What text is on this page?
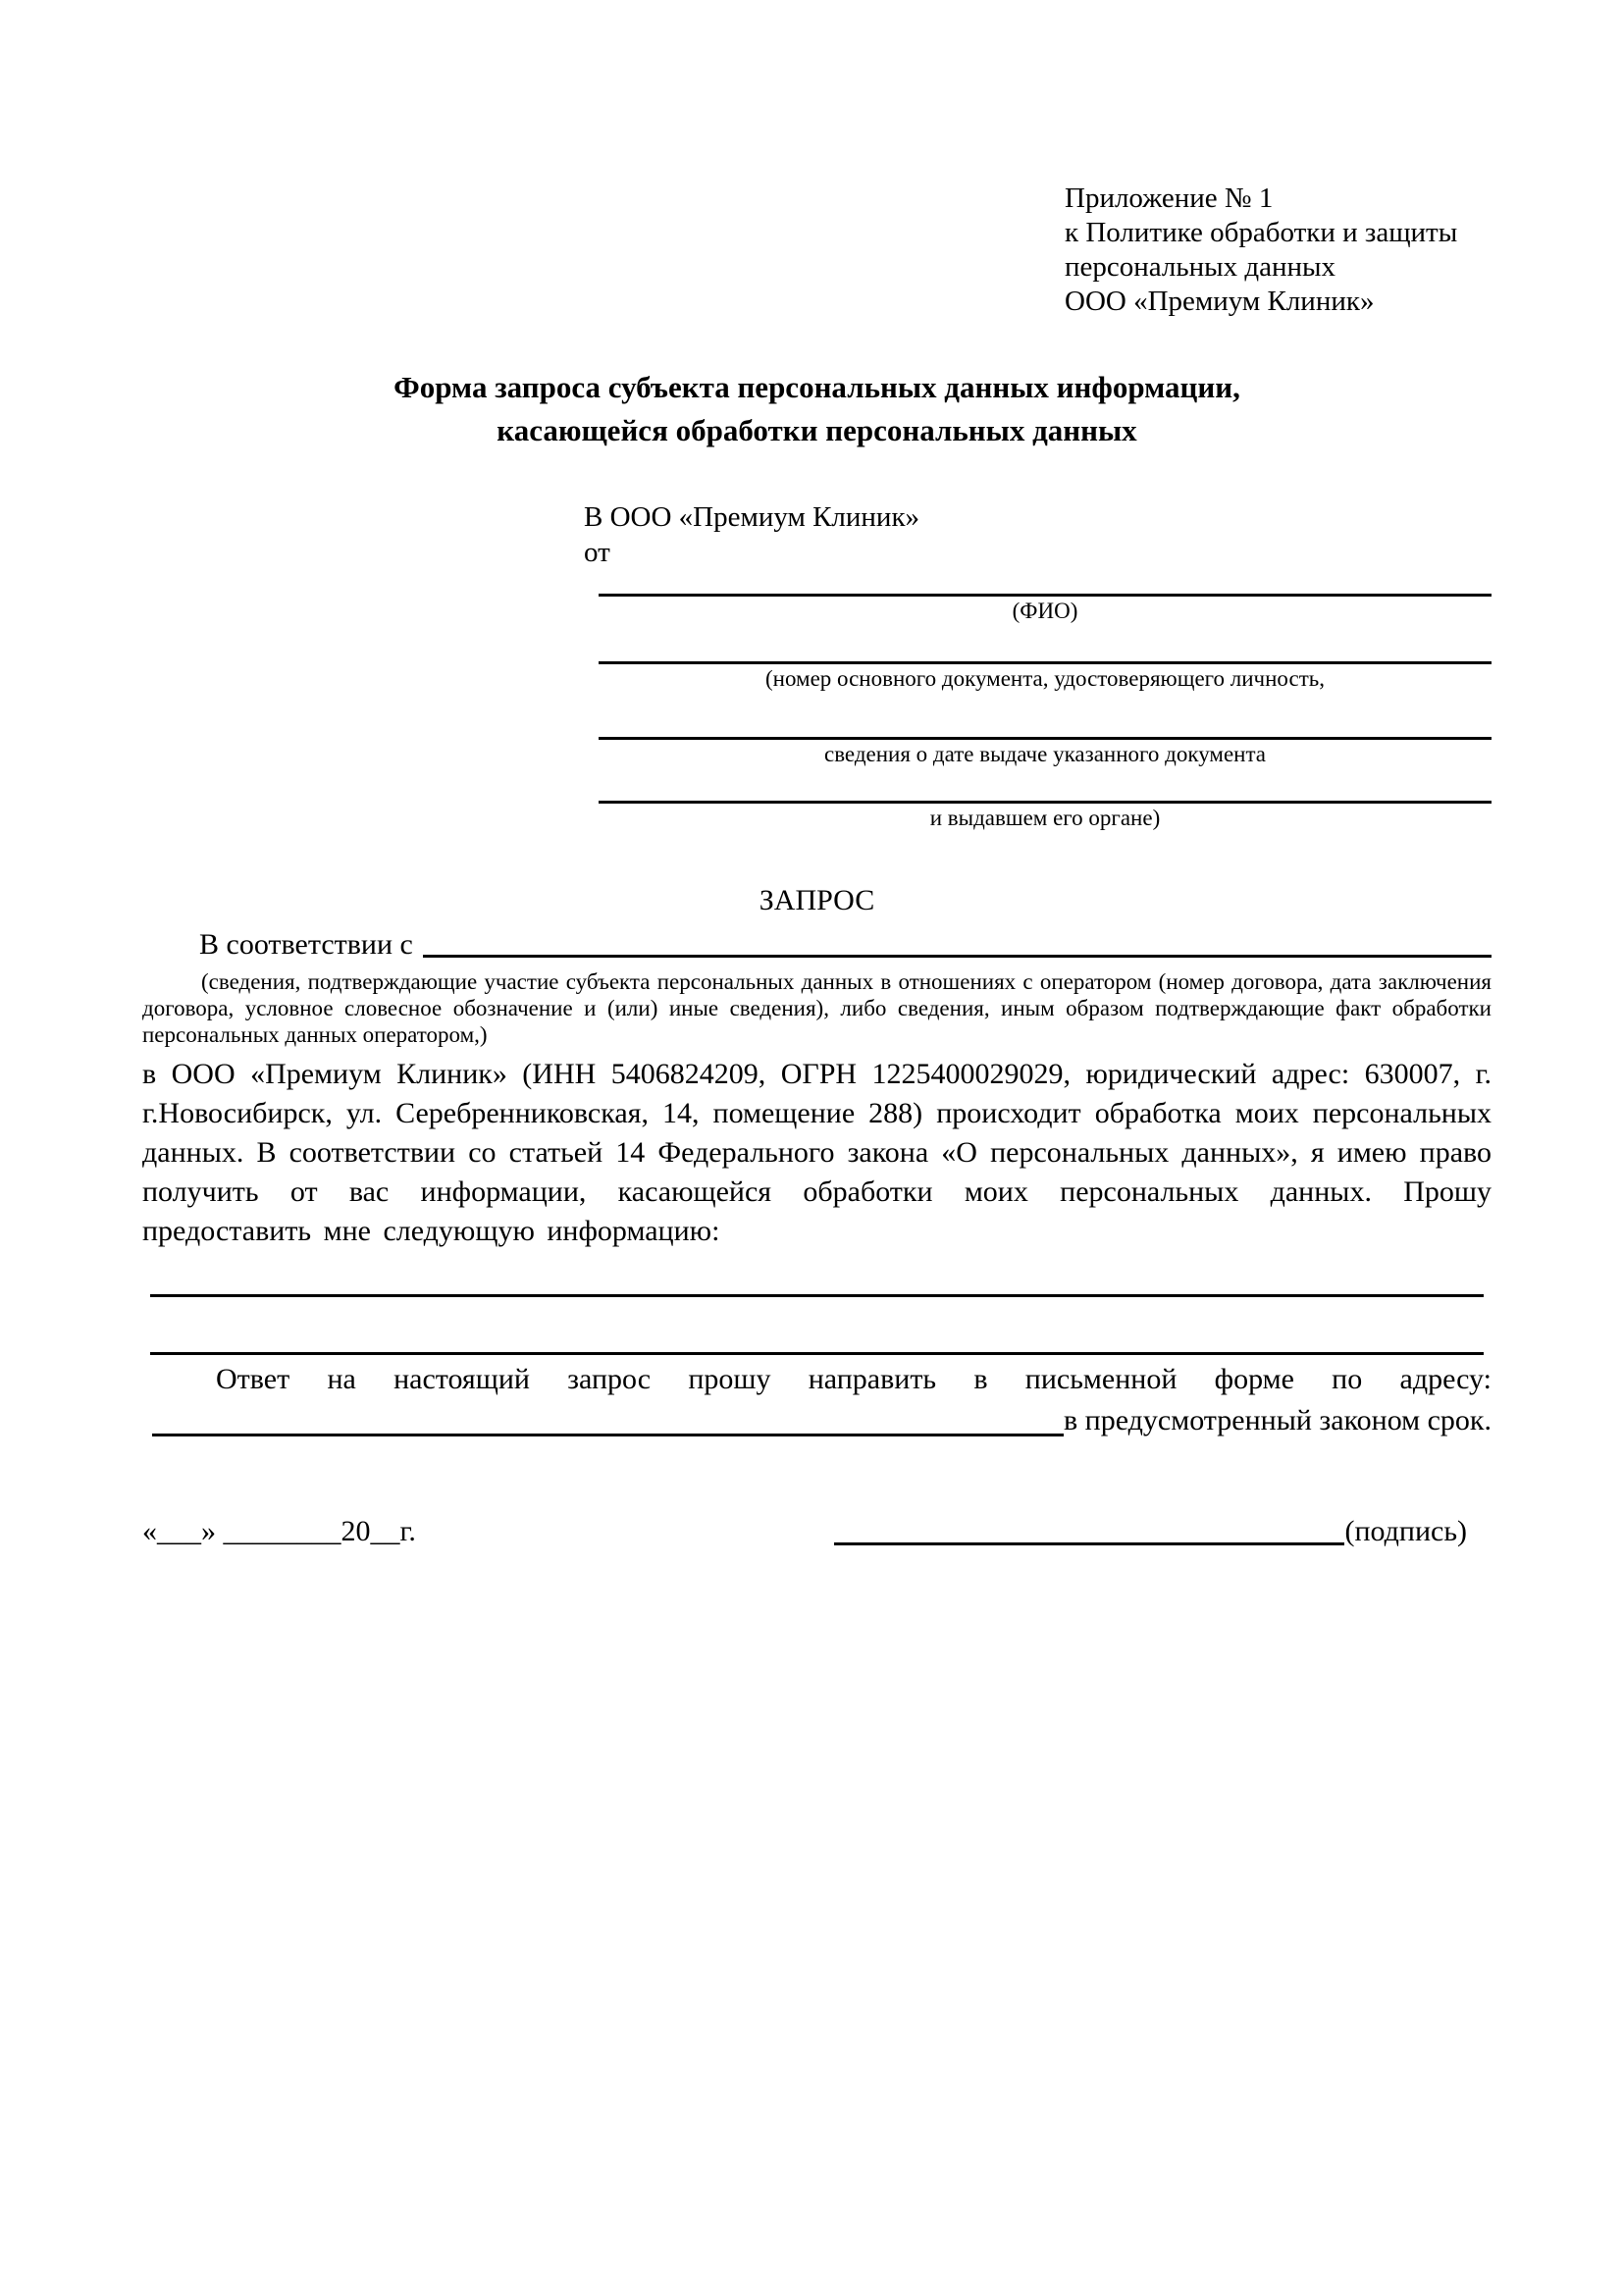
Приложение № 1
к Политике обработки и защиты
персональных данных
ООО «Премиум Клиник»
Форма запроса субъекта персональных данных информации,
касающейся обработки персональных данных
В ООО «Премиум Клиник»
от
(ФИО)
(номер основного документа, удостоверяющего личность,
сведения о дате выдаче указанного документа
и выдавшем его органе)
ЗАПРОС
В соответствии с

(сведения, подтверждающие участие субъекта персональных данных в отношениях с оператором (номер договора, дата заключения договора, условное словесное обозначение и (или) иные сведения), либо сведения, иным образом подтверждающие факт обработки персональных данных оператором,)

в ООО «Премиум Клиник» (ИНН 5406824209, ОГРН 1225400029029, юридический адрес: 630007, г. г.Новосибирск, ул. Серебренниковская, 14, помещение 288) происходит обработка моих персональных данных. В соответствии со статьей 14 Федерального закона «О персональных данных», я имею право получить от вас информации, касающейся обработки моих персональных данных. Прошу предоставить мне следующую информацию:

Ответ на настоящий запрос прошу направить в письменной форме по адресу:

в предусмотренный законом срок.
«___» ________20__г.	(подпись)
